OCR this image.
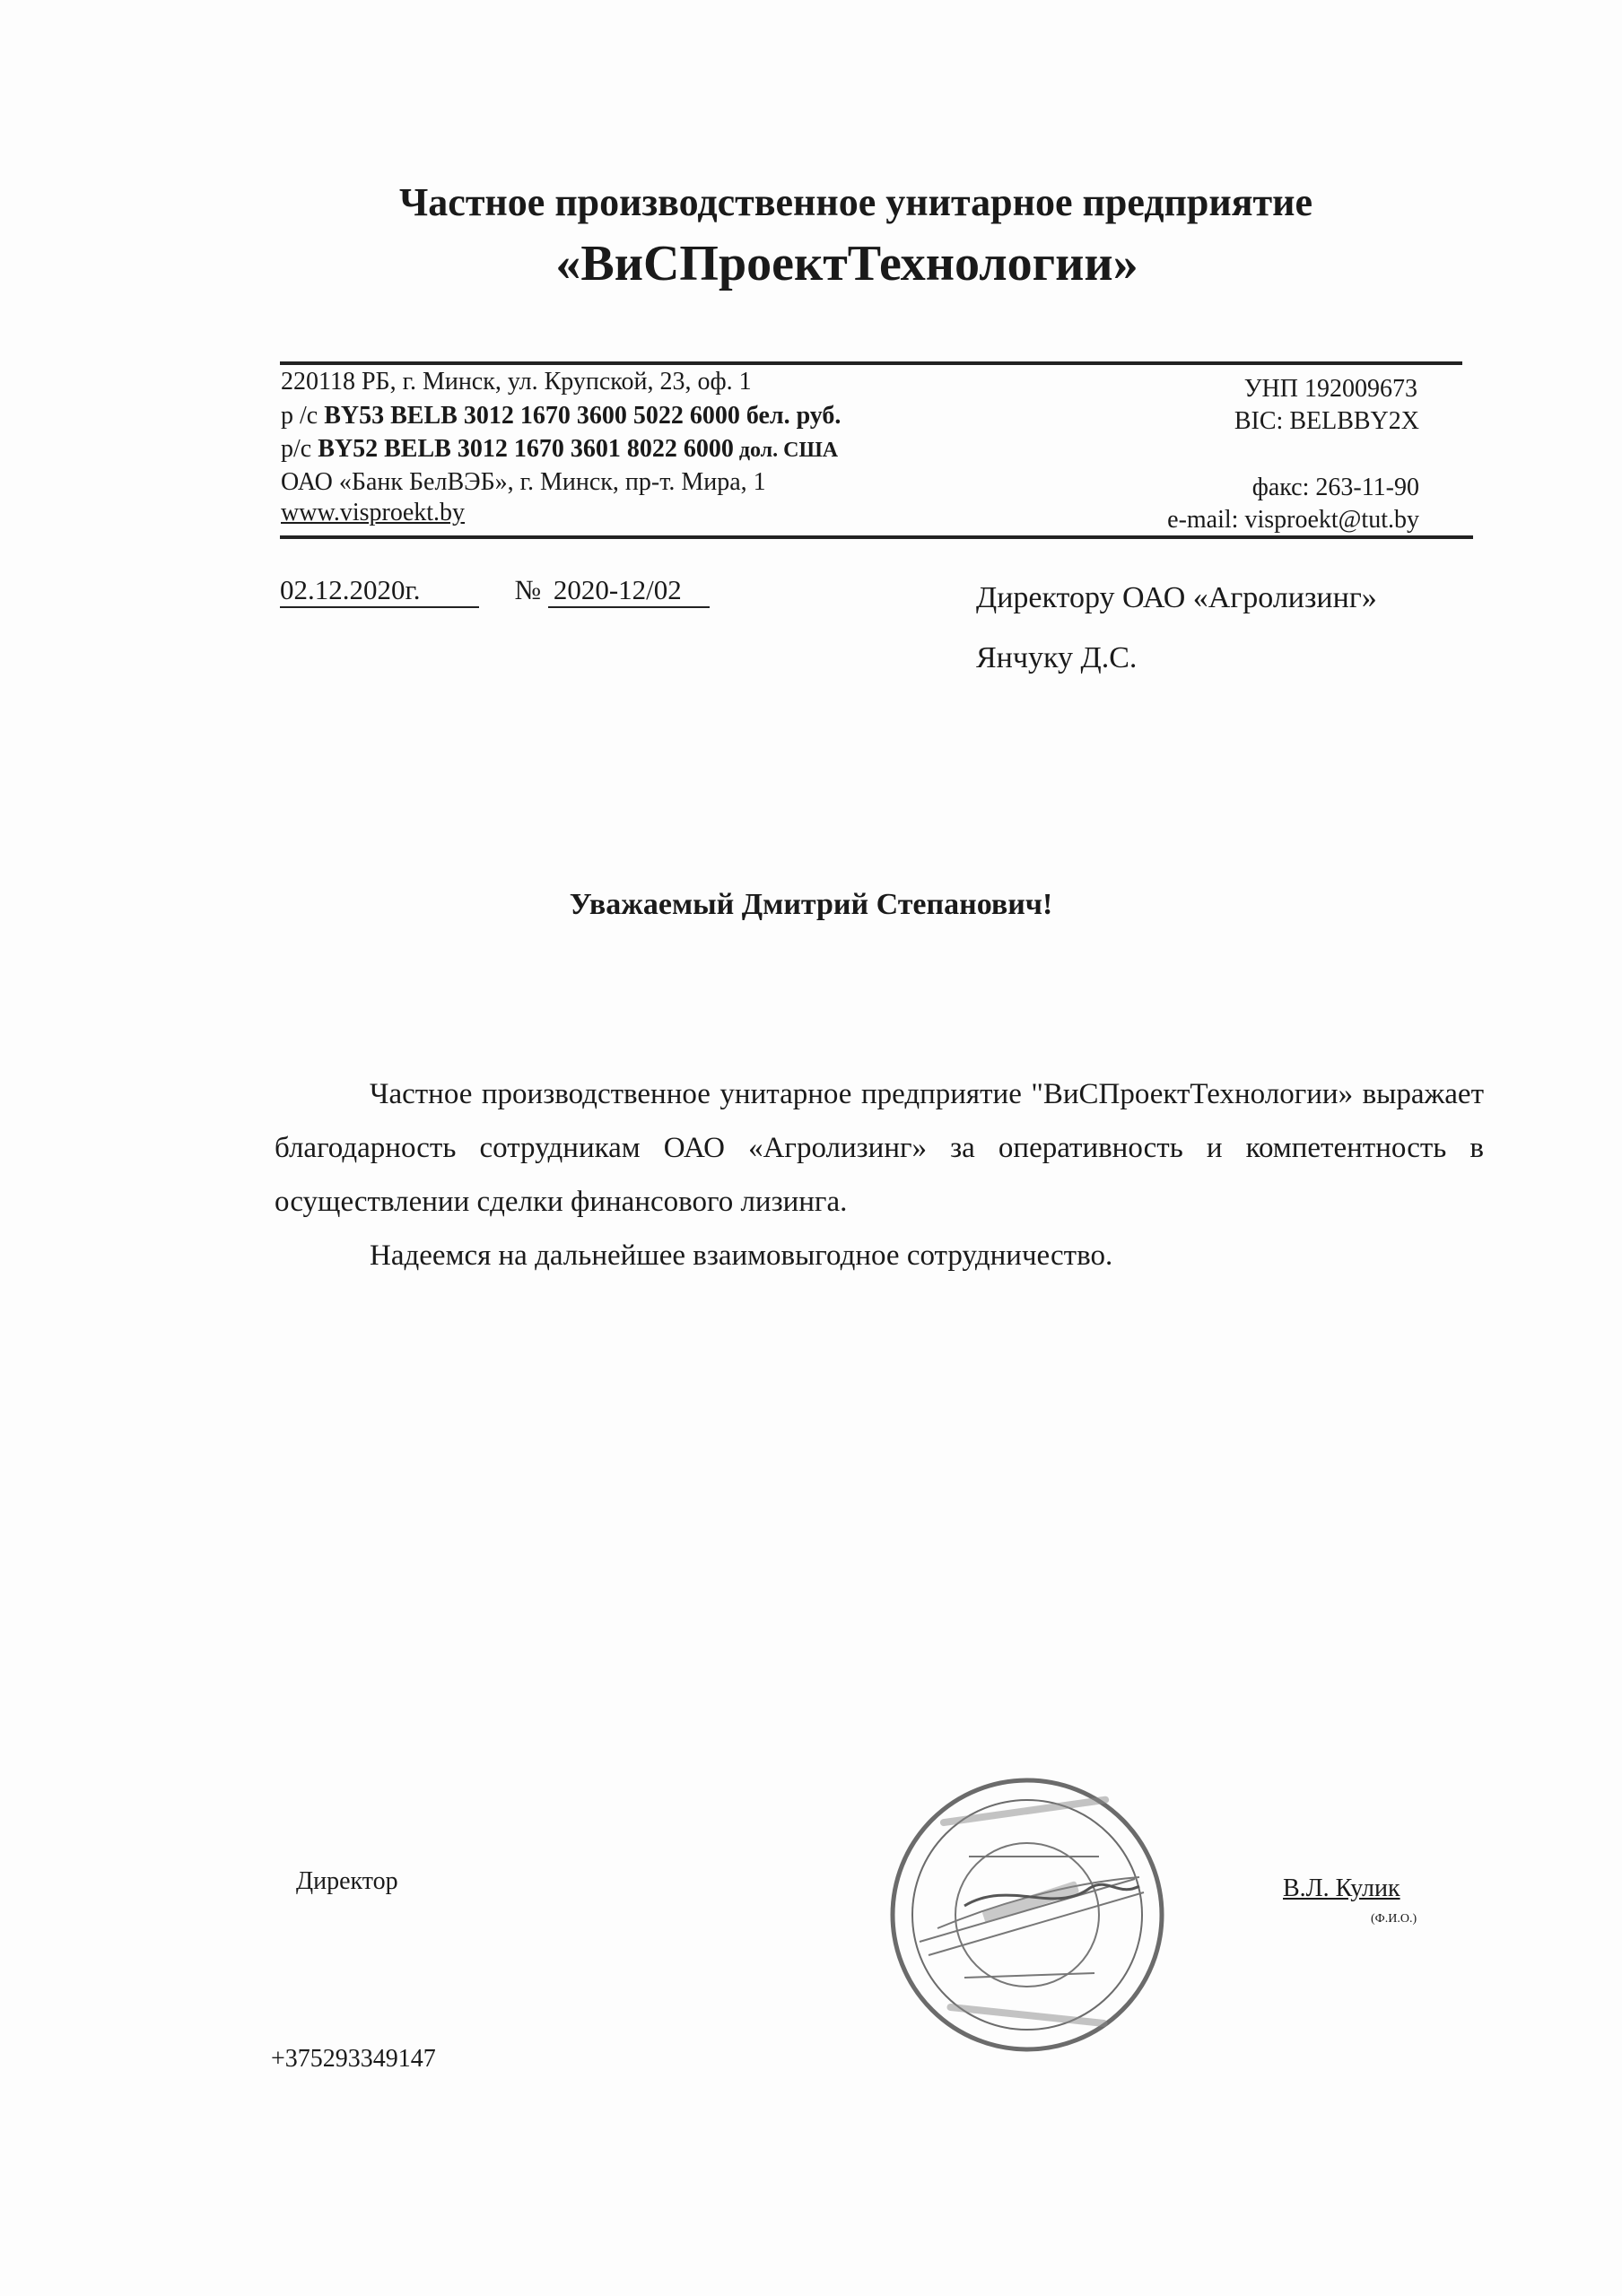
Частное производственное унитарное предприятие
«ВиСПроектТехнологии»
220118 РБ, г. Минск, ул. Крупской, 23, оф. 1
р /с BY53 BELB 3012 1670 3600 5022 6000 бел. руб.
р/с BY52 BELB 3012 1670 3601 8022 6000 дол. США
ОАО «Банк БелВЭБ», г. Минск, пр-т. Мира, 1
www.visproekt.by
УНП 192009673
BIC: BELBBY2X
факс: 263-11-90
e-mail: visproekt@tut.by
02.12.2020г.	№ 2020-12/02	Директору ОАО «Агролизинг»
Янчуку Д.С.
Уважаемый Дмитрий Степанович!

Частное производственное унитарное предприятие "ВиСПроектТехнологии» выражает благодарность сотрудникам ОАО «Агролизинг» за оперативность и компетентность в осуществлении сделки финансового лизинга.

Надеемся на дальнейшее взаимовыгодное сотрудничество.

Директор	В.Л. Кулик
(Ф.И.О.)
+375293349147
